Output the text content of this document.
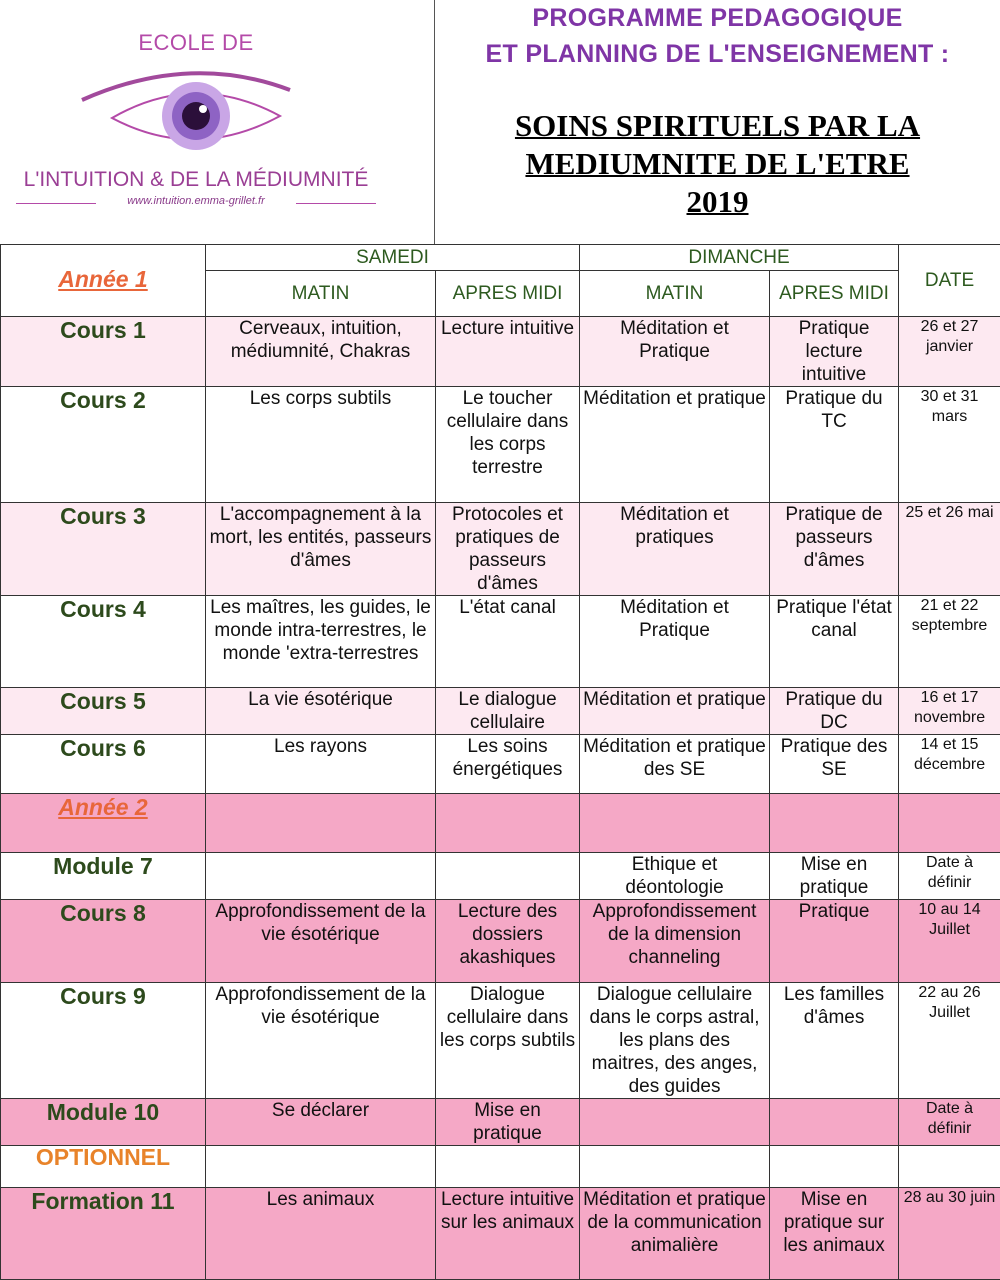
ECOLE DE
L'INTUITION & DE LA MÉDIUMNITÉ
www.intuition.emma-grillet.fr
PROGRAMME PEDAGOGIQUE
ET PLANNING DE L'ENSEIGNEMENT :
SOINS SPIRITUELS PAR LA
MEDIUMNITE DE L'ETRE
2019
Année 1	SAMEDI		DIMANCHE		DATE
	MATIN	APRES MIDI	MATIN	APRES MIDI	
Cours 1	Cerveaux, intuition, médiumnité, Chakras	Lecture intuitive	Méditation et Pratique	Pratique lecture intuitive	26 et 27 janvier
Cours 2	Les corps subtils	Le toucher cellulaire dans les corps terrestre	Méditation et pratique	Pratique du TC	30 et 31 mars
Cours 3	L'accompagnement à la mort, les entités, passeurs d'âmes	Protocoles et pratiques de passeurs d'âmes	Méditation et pratiques	Pratique de passeurs d'âmes	25 et 26 mai
Cours 4	Les maîtres, les guides, le monde intra-terrestres, le monde 'extra-terrestres	L'état canal	Méditation et Pratique	Pratique l'état canal	21 et 22 septembre
Cours 5	La vie ésotérique	Le dialogue cellulaire	Méditation et pratique	Pratique du DC	16 et 17 novembre
Cours 6	Les rayons	Les soins énergétiques	Méditation et pratique des SE	Pratique des SE	14 et 15 décembre
Année 2					
Module 7			Ethique et déontologie	Mise en pratique	Date à définir
Cours 8	Approfondissement de la vie ésotérique	Lecture des dossiers akashiques	Approfondissement de la dimension channeling	Pratique	10 au 14 Juillet
Cours 9	Approfondissement de la vie ésotérique	Dialogue cellulaire dans les corps subtils	Dialogue cellulaire dans le corps astral, les plans des maitres, des anges, des guides	Les familles d'âmes	22 au 26 Juillet
Module 10	Se déclarer	Mise en pratique			Date à définir
OPTIONNEL					
Formation 11	Les animaux	Lecture intuitive sur les animaux	Méditation et pratique de la communication animalière	Mise en pratique sur les animaux	28 au 30 juin
